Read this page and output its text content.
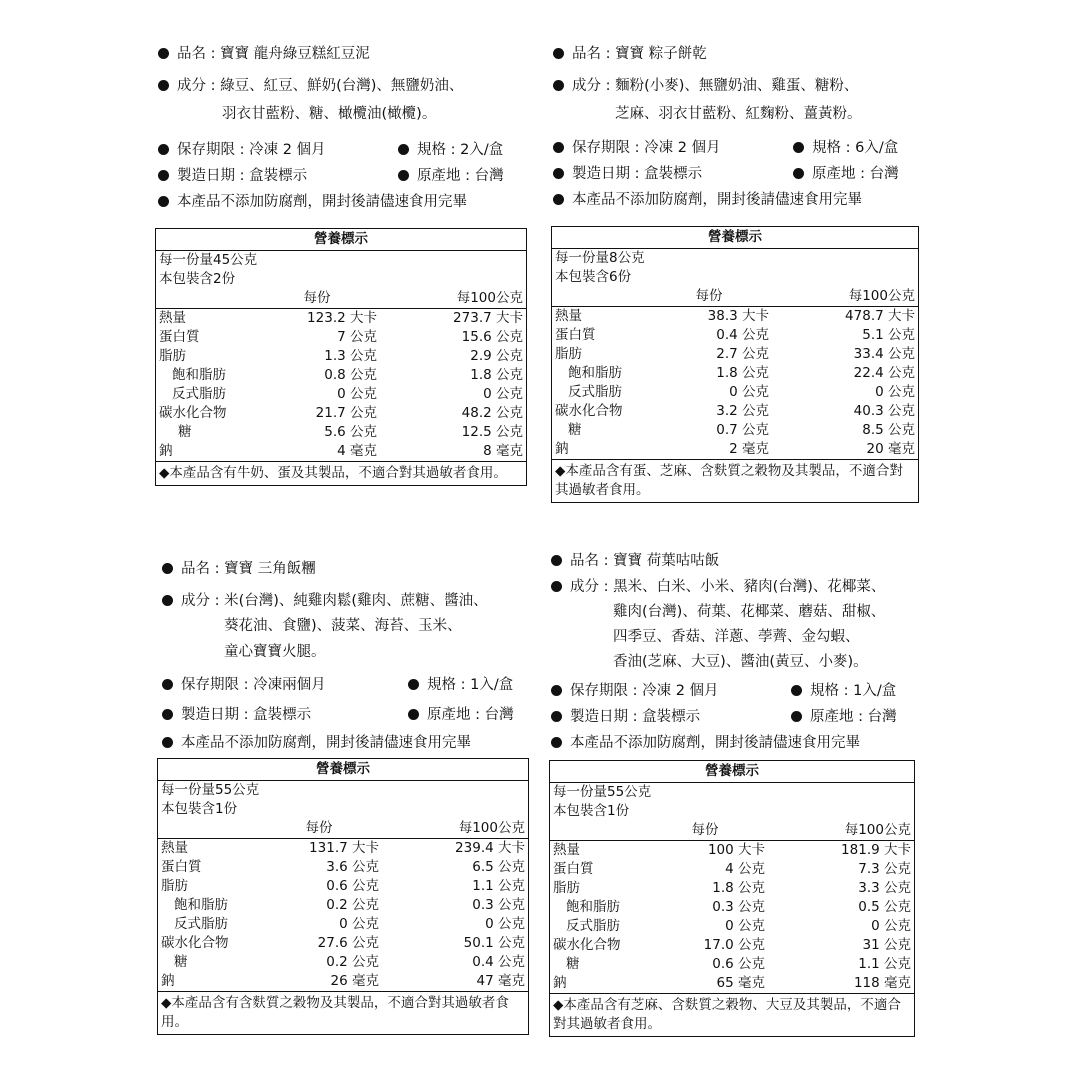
品名 : 寶寶 龍舟綠豆糕紅豆泥
成分 : 綠豆、紅豆、鮮奶(台灣)、無鹽奶油、
羽衣甘藍粉、糖、橄欖油(橄欖)。
保存期限 : 冷凍 2 個月	規格 : 2入/盒
製造日期 : 盒裝標示	原產地 : 台灣
本產品不添加防腐劑，開封後請儘速食用完畢
營養標示		
每一份量45公克		
本包裝含2份		
	每份	每100公克
熱量	123.2 大卡	273.7 大卡
蛋白質	7 公克	15.6 公克
脂肪	1.3 公克	2.9 公克
飽和脂肪	0.8 公克	1.8 公克
反式脂肪	0 公克	0 公克
碳水化合物	21.7 公克	48.2 公克
糖	5.6 公克	12.5 公克
鈉	4 毫克	8 毫克
◆本產品含有牛奶、蛋及其製品，不適合對其過敏者食用。		
品名 : 寶寶 粽子餅乾
成分 : 麵粉(小麥)、無鹽奶油、雞蛋、糖粉、
芝麻、羽衣甘藍粉、紅麴粉、薑黃粉。
保存期限 : 冷凍 2 個月	規格 : 6入/盒
製造日期 : 盒裝標示	原產地 : 台灣
本產品不添加防腐劑，開封後請儘速食用完畢
營養標示		
每一份量8公克		
本包裝含6份		
	每份	每100公克
熱量	38.3 大卡	478.7 大卡
蛋白質	0.4 公克	5.1 公克
脂肪	2.7 公克	33.4 公克
飽和脂肪	1.8 公克	22.4 公克
反式脂肪	0 公克	0 公克
碳水化合物	3.2 公克	40.3 公克
糖	0.7 公克	8.5 公克
鈉	2 毫克	20 毫克
◆本產品含有蛋、芝麻、含麩質之穀物及其製品，不適合對其過敏者食用。		
品名 : 寶寶 三角飯糰
成分 : 米(台灣)、純雞肉鬆(雞肉、蔗糖、醬油、
葵花油、食鹽)、菠菜、海苔、玉米、
童心寶寶火腿。
保存期限 : 冷凍兩個月	規格 : 1入/盒
製造日期 : 盒裝標示	原產地 : 台灣
本產品不添加防腐劑，開封後請儘速食用完畢
營養標示		
每一份量55公克		
本包裝含1份		
	每份	每100公克
熱量	131.7 大卡	239.4 大卡
蛋白質	3.6 公克	6.5 公克
脂肪	0.6 公克	1.1 公克
飽和脂肪	0.2 公克	0.3 公克
反式脂肪	0 公克	0 公克
碳水化合物	27.6 公克	50.1 公克
糖	0.2 公克	0.4 公克
鈉	26 毫克	47 毫克
◆本產品含有含麩質之穀物及其製品，不適合對其過敏者食用。		
品名 : 寶寶 荷葉咕咕飯
成分 : 黑米、白米、小米、豬肉(台灣)、花椰菜、
雞肉(台灣)、荷葉、花椰菜、蘑菇、甜椒、
四季豆、香菇、洋蔥、荸薺、金勾蝦、
香油(芝麻、大豆)、醬油(黃豆、小麥)。
保存期限 : 冷凍 2 個月	規格 : 1入/盒
製造日期 : 盒裝標示	原產地 : 台灣
本產品不添加防腐劑，開封後請儘速食用完畢
營養標示		
每一份量55公克		
本包裝含1份		
	每份	每100公克
熱量	100 大卡	181.9 大卡
蛋白質	4 公克	7.3 公克
脂肪	1.8 公克	3.3 公克
飽和脂肪	0.3 公克	0.5 公克
反式脂肪	0 公克	0 公克
碳水化合物	17.0 公克	31 公克
糖	0.6 公克	1.1 公克
鈉	65 毫克	118 毫克
◆本產品含有芝麻、含麩質之穀物、大豆及其製品，不適合對其過敏者食用。		
